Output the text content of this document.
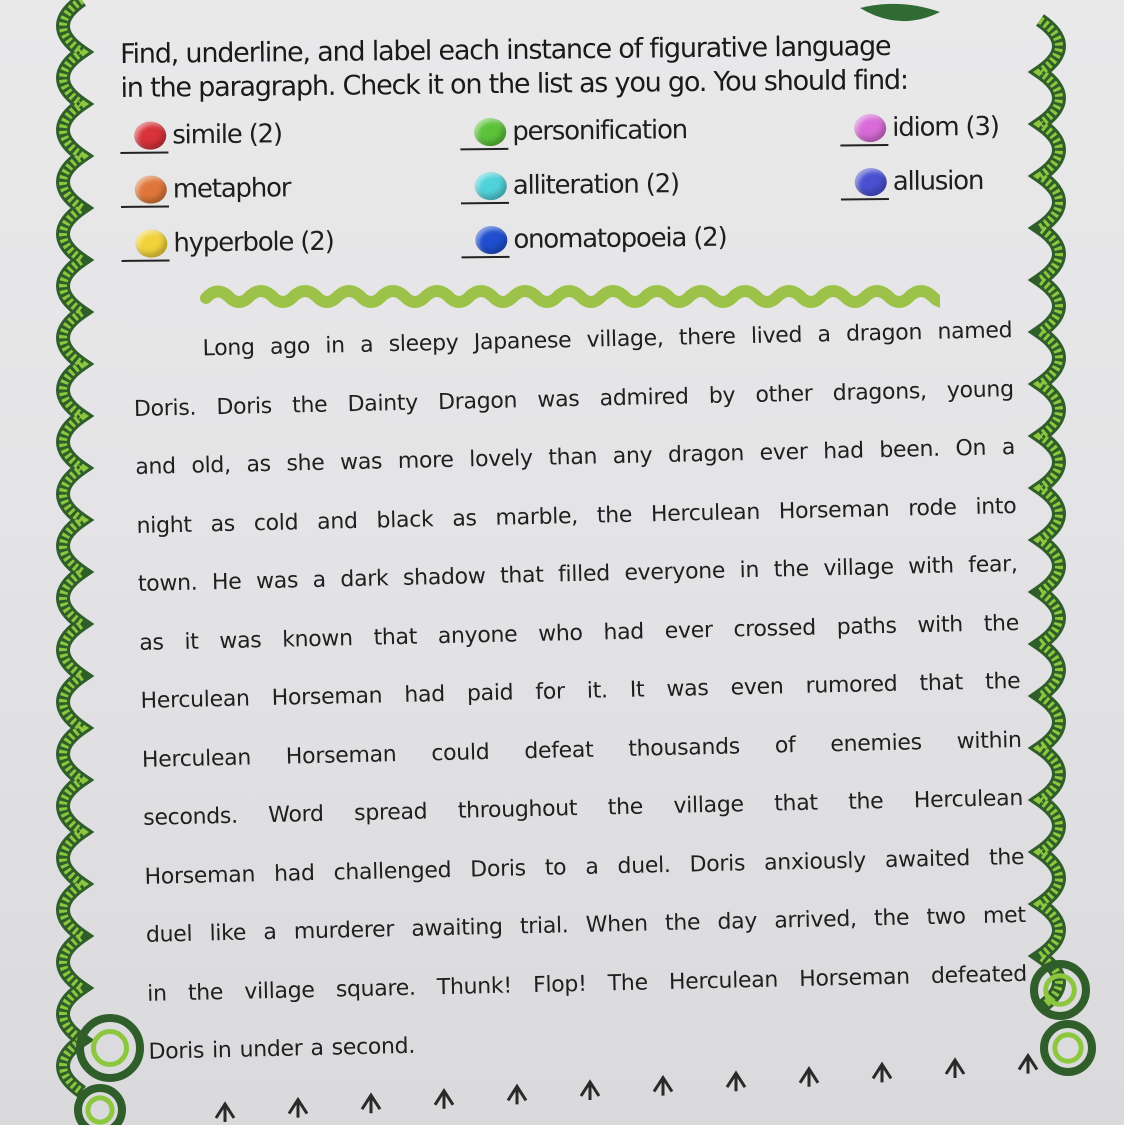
Find, underline, and label each instance of figurative language
in the paragraph. Check it on the list as you go. You should find:
simile (2)	personification	idiom (3)
metaphor	alliteration (2)	allusion
hyperbole (2)	onomatopoeia (2)
Long ago in a sleepy Japanese village, there lived a dragon named
Doris. Doris the Dainty Dragon was admired by other dragons, young
and old, as she was more lovely than any dragon ever had been. On a
night as cold and black as marble, the Herculean Horseman rode into
town. He was a dark shadow that filled everyone in the village with fear,
as it was known that anyone who had ever crossed paths with the
Herculean Horseman had paid for it. It was even rumored that the
Herculean Horseman could defeat thousands of enemies within
seconds. Word spread throughout the village that the Herculean
Horseman had challenged Doris to a duel. Doris anxiously awaited the
duel like a murderer awaiting trial. When the day arrived, the two met
in the village square. Thunk! Flop! The Herculean Horseman defeated
Doris in under a second.
